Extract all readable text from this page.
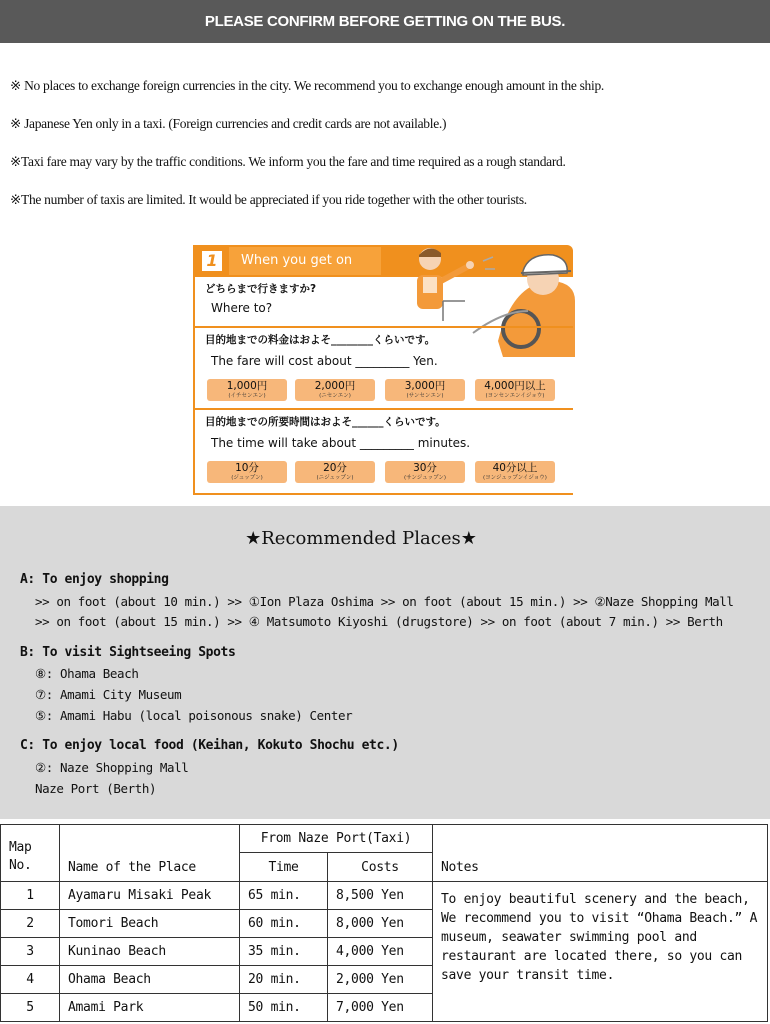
PLEASE CONFIRM BEFORE GETTING ON THE BUS.
※ No places to exchange foreign currencies in the city. We recommend you to exchange enough amount in the ship.
※ Japanese Yen only in a taxi. (Foreign currencies and credit cards are not available.)
※Taxi fare may vary by the traffic conditions. We inform you the fare and time required as a rough standard.
※The number of taxis are limited. It would be appreciated if you ride together with the other tourists.
1	When you get on
どちらまで行きますか?
Where to?
目的地までの料金はおよそ________くらいです。
The fare will cost about _________ Yen.
1,000円
(イチセンエン)
2,000円
(ニセンエン)
3,000円
(サンセンエン)
4,000円以上
(ヨンセンエンイジョウ)
目的地までの所要時間はおよそ______くらいです。
The time will take about _________ minutes.
10分
(ジュップン)
20分
(ニジュップン)
30分
(サンジュップン)
40分以上
(ヨンジュップンイジョウ)
★Recommended Places★
A: To enjoy shopping
>> on foot (about 10 min.) >> ①Ion Plaza Oshima >> on foot (about 15 min.) >> ②Naze Shopping Mall
>> on foot (about 15 min.) >> ④ Matsumoto Kiyoshi (drugstore) >> on foot (about 7 min.) >> Berth
B: To visit Sightseeing Spots
⑧: Ohama Beach
⑦: Amami City Museum
⑤: Amami Habu (local poisonous snake) Center
C: To enjoy local food (Keihan, Kokuto Shochu etc.)
②: Naze Shopping Mall
Naze Port (Berth)
Map
No.	Name of the Place	From Naze Port(Taxi)		Notes
		Time	Costs	
1	Ayamaru Misaki Peak	65 min.	8,500 Yen	To enjoy beautiful scenery and the beach, We recommend you to visit “Ohama Beach.” A museum, seawater swimming pool and restaurant are located there, so you can save your transit time.
2	Tomori Beach	60 min.	8,000 Yen	
3	Kuninao Beach	35 min.	4,000 Yen	
4	Ohama Beach	20 min.	2,000 Yen	
5	Amami Park	50 min.	7,000 Yen	
